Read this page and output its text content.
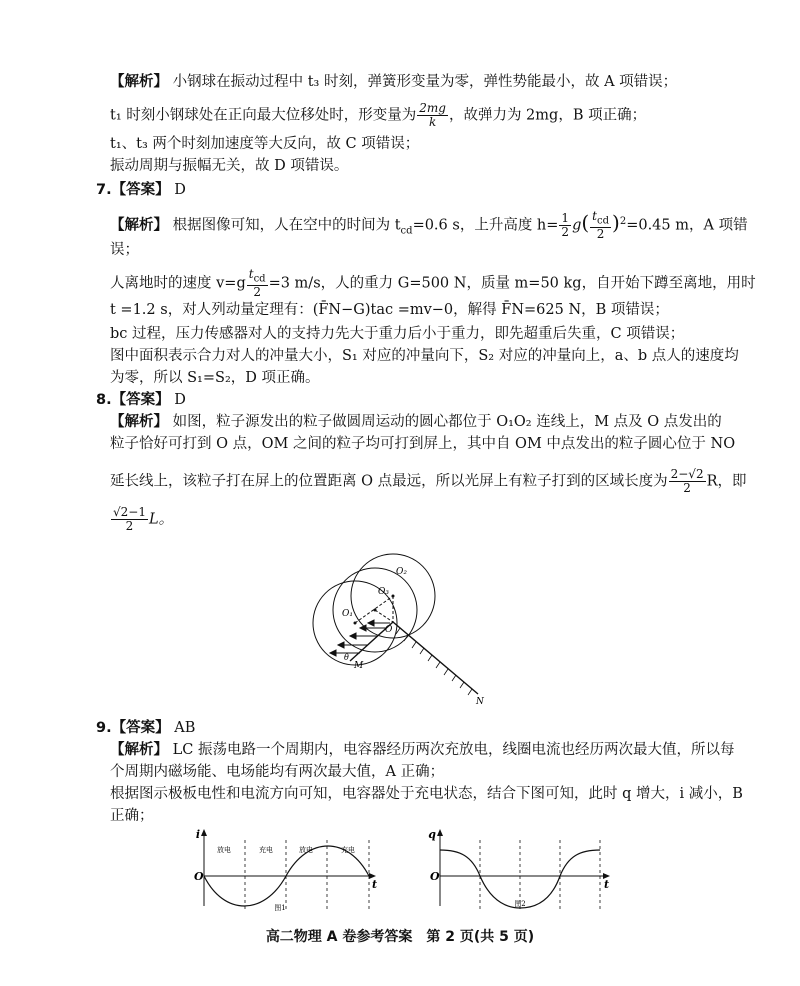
【解析】 小钢球在振动过程中 t₃ 时刻，弹簧形变量为零，弹性势能最小，故 A 项错误；
t₁ 时刻小钢球处在正向最大位移处时，形变量为 $\frac{2mg}{k}$ ，故弹力为 2mg，B 项正确；
t₁、t₃ 两个时刻加速度等大反向，故 C 项错误；
振动周期与振幅无关，故 D 项错误。
7.【答案】 D
【解析】 根据图像可知，人在空中的时间为 $t_{cd}=0.6$ s，上升高度 $h= \frac{1}{2} g( \frac{t_{cd}}{2} )^2=0.45$ m，A 项错
误；
人离地时的速度 $v=g \frac{t_{cd}}{2} =3$ m/s，人的重力 G=500 N，质量 m=50 kg，自开始下蹲至离地，用时
t =1.2 s，对人列动量定理有：(F̄N−G)tac =mv−0，解得 F̄N=625 N，B 项错误；
bc 过程，压力传感器对人的支持力先大于重力后小于重力，即先超重后失重，C 项错误；
图中面积表示合力对人的冲量大小，S₁ 对应的冲量向下，S₂ 对应的冲量向上，a、b 点人的速度均
为零，所以 S₁=S₂，D 项正确。
8.【答案】 D
【解析】 如图，粒子源发出的粒子做圆周运动的圆心都位于 O₁O₂ 连线上，M 点及 O 点发出的
粒子恰好可打到 O 点，OM 之间的粒子均可打到屏上，其中自 OM 中点发出的粒子圆心位于 NO
延长线上，该粒子打在屏上的位置距离 O 点最远，所以光屏上有粒子打到的区域长度为 $\frac{2-√2}{2}$ R，即
$\frac{√2-1}{2}$ L。
O₂
O₃
O₁
O
M
θ
N
9.【答案】 AB
【解析】 LC 振荡电路一个周期内，电容器经历两次充放电，线圈电流也经历两次最大值，所以每
个周期内磁场能、电场能均有两次最大值，A 正确；
根据图示极板电性和电流方向可知，电容器处于充电状态，结合下图可知，此时 q 增大，i 减小，B
正确；
i
t
O
放电	充电	放电	充电
图1
q
t
O
图2
高二物理 A 卷参考答案　第 2 页(共 5 页)
